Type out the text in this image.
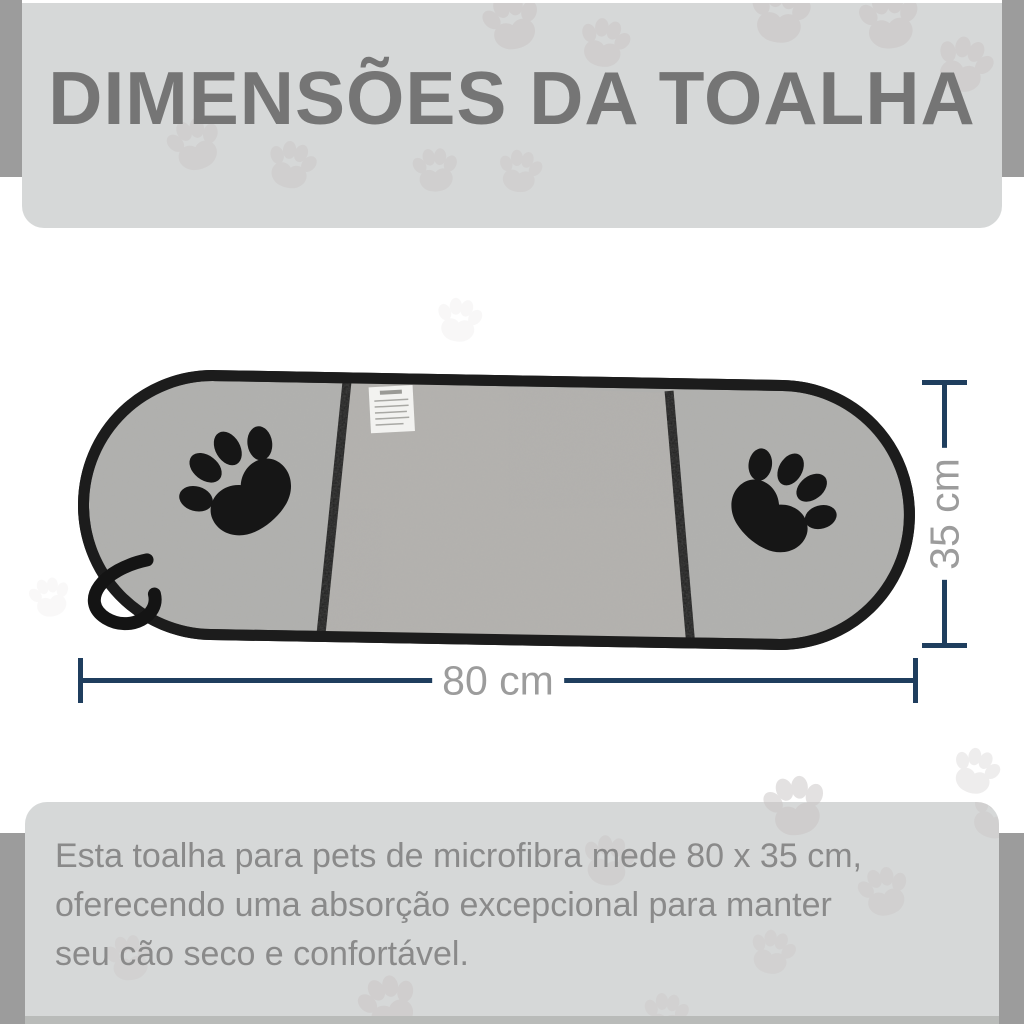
DIMENSÕES DA TOALHA
80 cm
35 cm
Esta toalha para pets de microfibra mede 80 x 35 cm,
oferecendo uma absorção excepcional para manter
seu cão seco e confortável.
